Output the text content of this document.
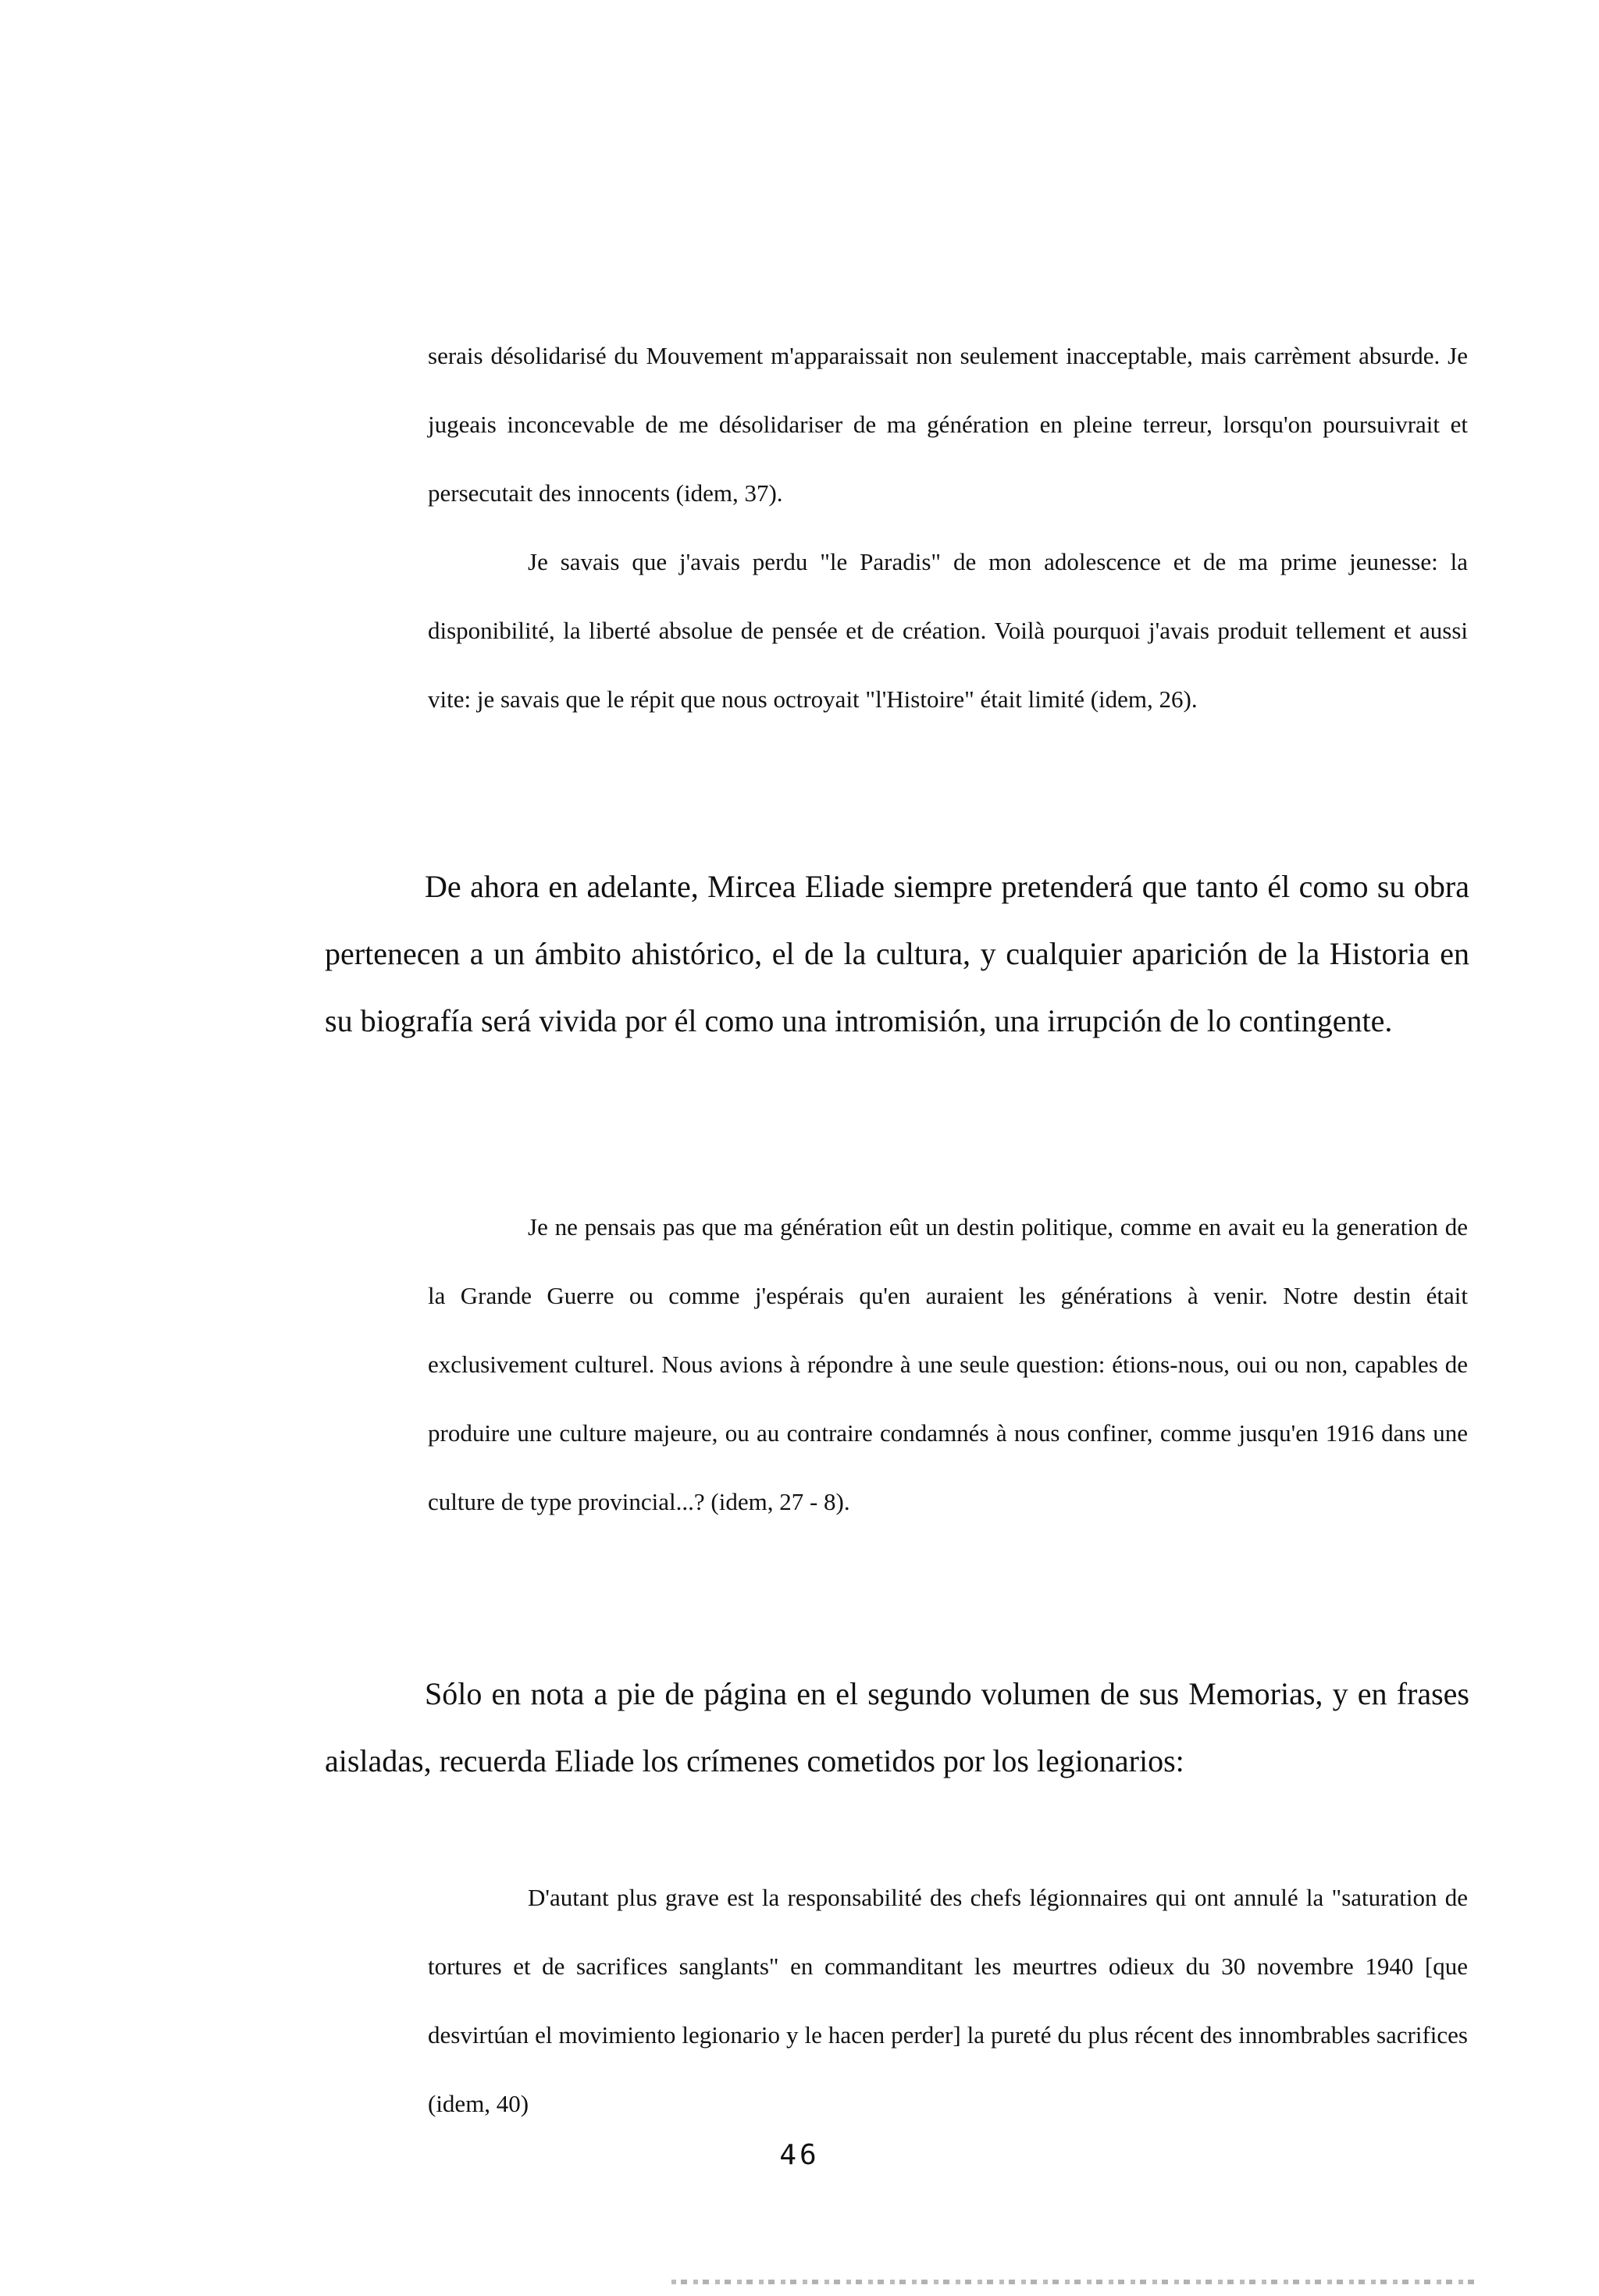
serais désolidarisé du Mouvement m'apparaissait non seulement inacceptable, mais carrèment absurde. Je jugeais inconcevable de me désolidariser de ma génération en pleine terreur, lorsqu'on poursuivrait et persecutait des innocents (idem, 37).

Je savais que j'avais perdu "le Paradis" de mon adolescence et de ma prime jeunesse: la disponibilité, la liberté absolue de pensée et de création. Voilà pourquoi j'avais produit tellement et aussi vite: je savais que le répit que nous octroyait "l'Histoire" était limité (idem, 26).

De ahora en adelante, Mircea Eliade siempre pretenderá que tanto él como su obra pertenecen a un ámbito ahistórico, el de la cultura, y cualquier aparición de la Historia en su biografía será vivida por él como una intromisión, una irrupción de lo contingente.

Je ne pensais pas que ma génération eût un destin politique, comme en avait eu la generation de la Grande Guerre ou comme j'espérais qu'en auraient les générations à venir. Notre destin était exclusivement culturel. Nous avions à répondre à une seule question: étions-nous, oui ou non, capables de produire une culture majeure, ou au contraire condamnés à nous confiner, comme jusqu'en 1916 dans une culture de type provincial...? (idem, 27 - 8).

Sólo en nota a pie de página en el segundo volumen de sus Memorias, y en frases aisladas, recuerda Eliade los crímenes cometidos por los legionarios:

D'autant plus grave est la responsabilité des chefs légionnaires qui ont annulé la "saturation de tortures et de sacrifices sanglants" en commanditant les meurtres odieux du 30 novembre 1940 [que desvirtúan el movimiento legionario y le hacen perder] la pureté du plus récent des innombrables sacrifices (idem, 40)

46
